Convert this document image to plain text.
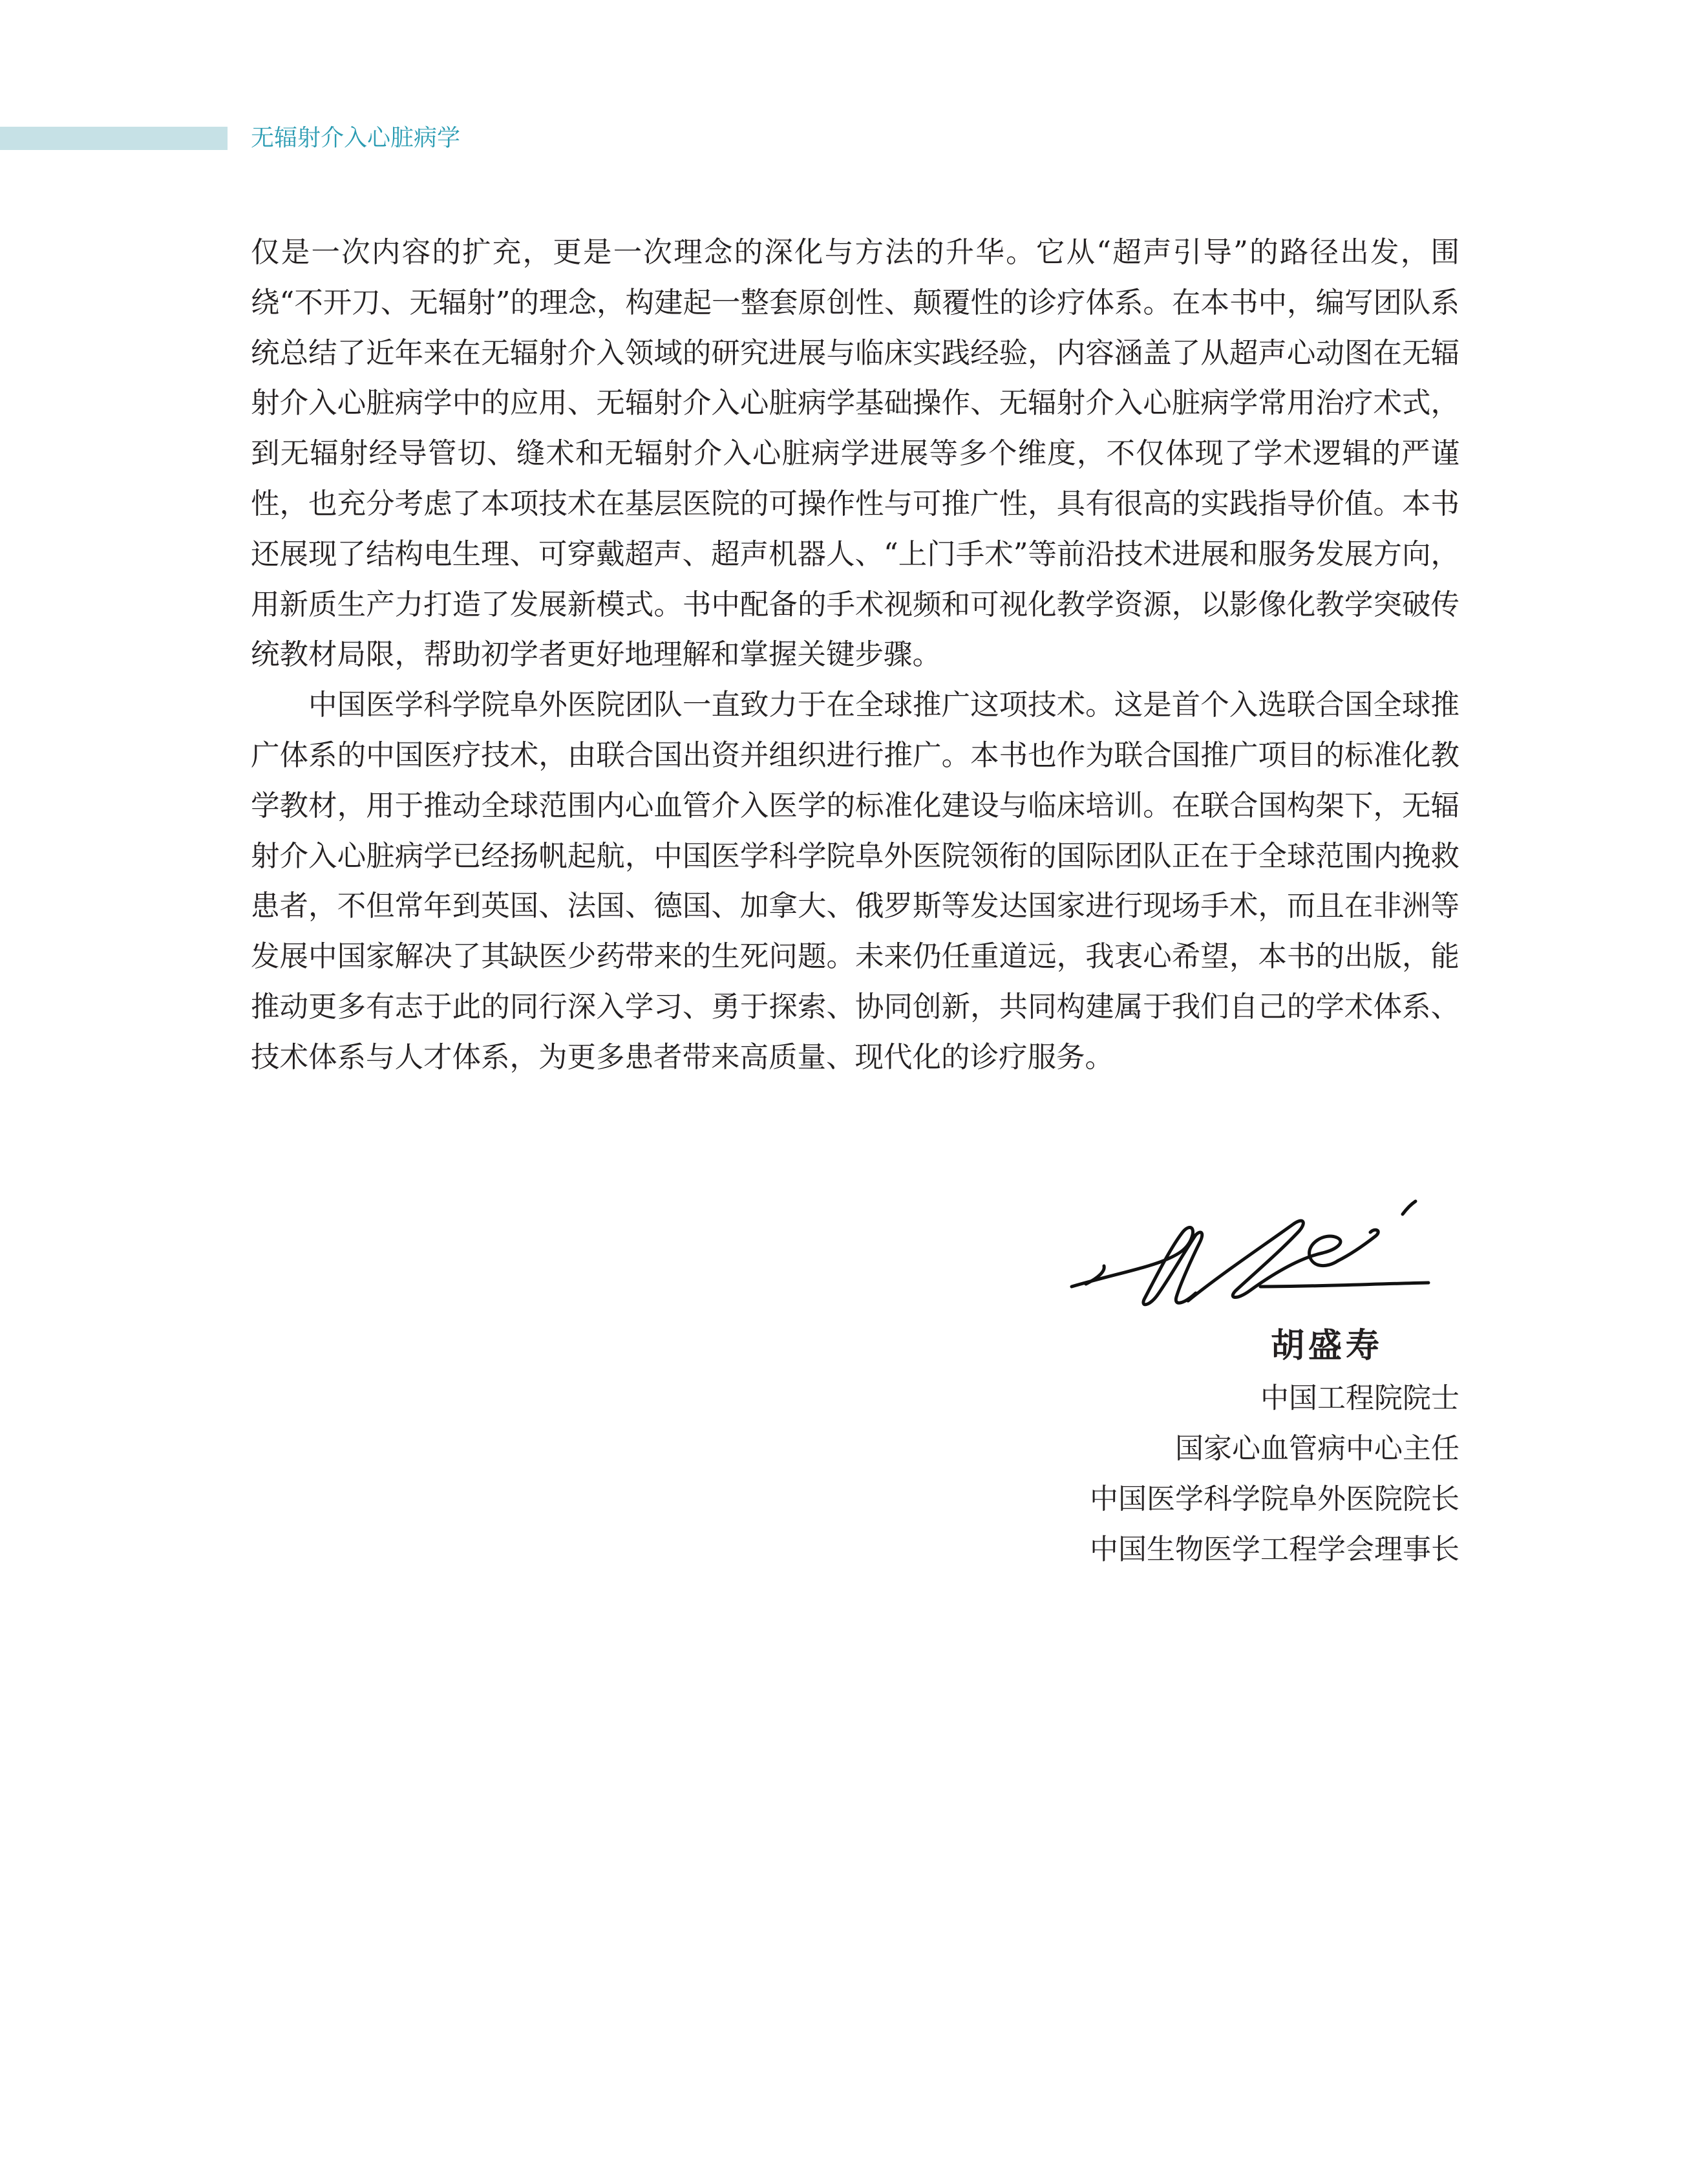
无辐射介入心脏病学

仅是一次内容的扩充，更是一次理念的深化与方法的升华。它从“超声引导”的路径出发，围绕“不开刀、无辐射”的理念，构建起一整套原创性、颠覆性的诊疗体系。在本书中，编写团队系统总结了近年来在无辐射介入领域的研究进展与临床实践经验，内容涵盖了从超声心动图在无辐射介入心脏病学中的应用、无辐射介入心脏病学基础操作、无辐射介入心脏病学常用治疗术式，到无辐射经导管切、缝术和无辐射介入心脏病学进展等多个维度，不仅体现了学术逻辑的严谨性，也充分考虑了本项技术在基层医院的可操作性与可推广性，具有很高的实践指导价值。本书还展现了结构电生理、可穿戴超声、超声机器人、“上门手术”等前沿技术进展和服务发展方向，用新质生产力打造了发展新模式。书中配备的手术视频和可视化教学资源，以影像化教学突破传统教材局限，帮助初学者更好地理解和掌握关键步骤。

中国医学科学院阜外医院团队一直致力于在全球推广这项技术。这是首个入选联合国全球推广体系的中国医疗技术，由联合国出资并组织进行推广。本书也作为联合国推广项目的标准化教学教材，用于推动全球范围内心血管介入医学的标准化建设与临床培训。在联合国构架下，无辐射介入心脏病学已经扬帆起航，中国医学科学院阜外医院领衔的国际团队正在于全球范围内挽救患者，不但常年到英国、法国、德国、加拿大、俄罗斯等发达国家进行现场手术，而且在非洲等发展中国家解决了其缺医少药带来的生死问题。未来仍任重道远，我衷心希望，本书的出版，能推动更多有志于此的同行深入学习、勇于探索、协同创新，共同构建属于我们自己的学术体系、技术体系与人才体系，为更多患者带来高质量、现代化的诊疗服务。

胡盛寿
中国工程院院士
国家心血管病中心主任
中国医学科学院阜外医院院长
中国生物医学工程学会理事长
